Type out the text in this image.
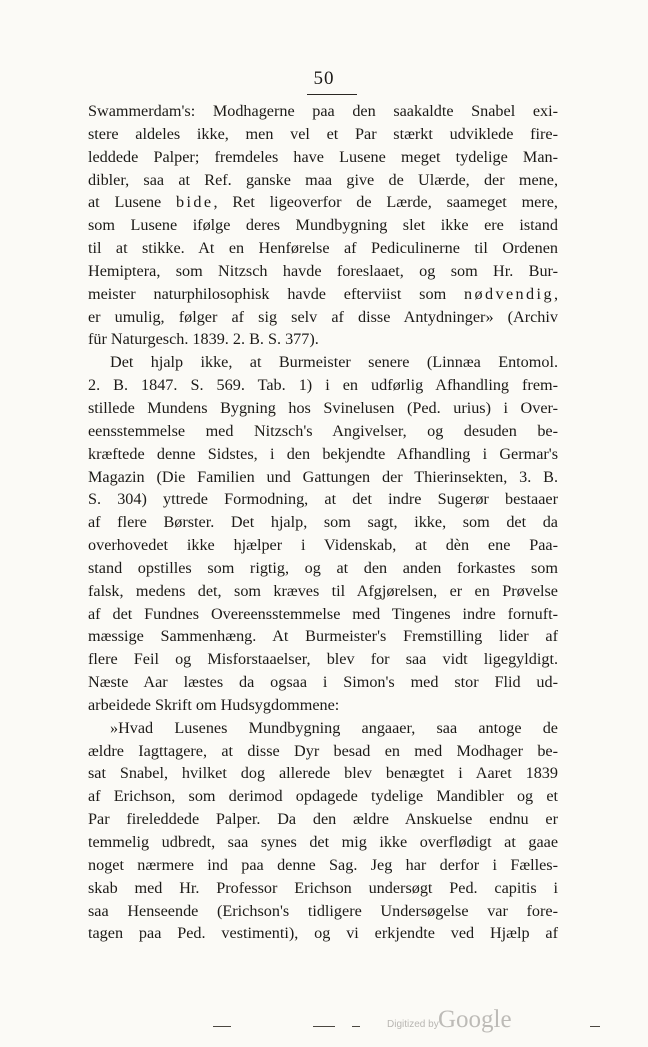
50
Swammerdam's: Modhagerne paa den saakaldte Snabel exi-
stere aldeles ikke, men vel et Par stærkt udviklede fire-
leddede Palper; fremdeles have Lusene meget tydelige Man-
dibler, saa at Ref. ganske maa give de Ulærde, der mene,
at Lusene bide, Ret ligeoverfor de Lærde, saameget mere,
som Lusene ifølge deres Mundbygning slet ikke ere istand
til at stikke. At en Henførelse af Pediculinerne til Ordenen
Hemiptera, som Nitzsch havde foreslaaet, og som Hr. Bur-
meister naturphilosophisk havde efterviist som nødvendig,
er umulig, følger af sig selv af disse Antydninger» (Archiv
für Naturgesch. 1839. 2. B. S. 377).
Det hjalp ikke, at Burmeister senere (Linnæa Entomol.
2. B. 1847. S. 569. Tab. 1) i en udførlig Afhandling frem-
stillede Mundens Bygning hos Svinelusen (Ped. urius) i Over-
eensstemmelse med Nitzsch's Angivelser, og desuden be-
kræftede denne Sidstes, i den bekjendte Afhandling i Germar's
Magazin (Die Familien und Gattungen der Thierinsekten, 3. B.
S. 304) yttrede Formodning, at det indre Sugerør bestaaer
af flere Børster. Det hjalp, som sagt, ikke, som det da
overhovedet ikke hjælper i Videnskab, at dèn ene Paa-
stand opstilles som rigtig, og at den anden forkastes som
falsk, medens det, som kræves til Afgjørelsen, er en Prøvelse
af det Fundnes Overeensstemmelse med Tingenes indre fornuft-
mæssige Sammenhæng. At Burmeister's Fremstilling lider af
flere Feil og Misforstaaelser, blev for saa vidt ligegyldigt.
Næste Aar læstes da ogsaa i Simon's med stor Flid ud-
arbeidede Skrift om Hudsygdommene:
»Hvad Lusenes Mundbygning angaaer, saa antoge de
ældre Iagttagere, at disse Dyr besad en med Modhager be-
sat Snabel, hvilket dog allerede blev benægtet i Aaret 1839
af Erichson, som derimod opdagede tydelige Mandibler og et
Par fireleddede Palper. Da den ældre Anskuelse endnu er
temmelig udbredt, saa synes det mig ikke overflødigt at gaae
noget nærmere ind paa denne Sag. Jeg har derfor i Fælles-
skab med Hr. Professor Erichson undersøgt Ped. capitis i
saa Henseende (Erichson's tidligere Undersøgelse var fore-
tagen paa Ped. vestimenti), og vi erkjendte ved Hjælp af
Digitized by Google
